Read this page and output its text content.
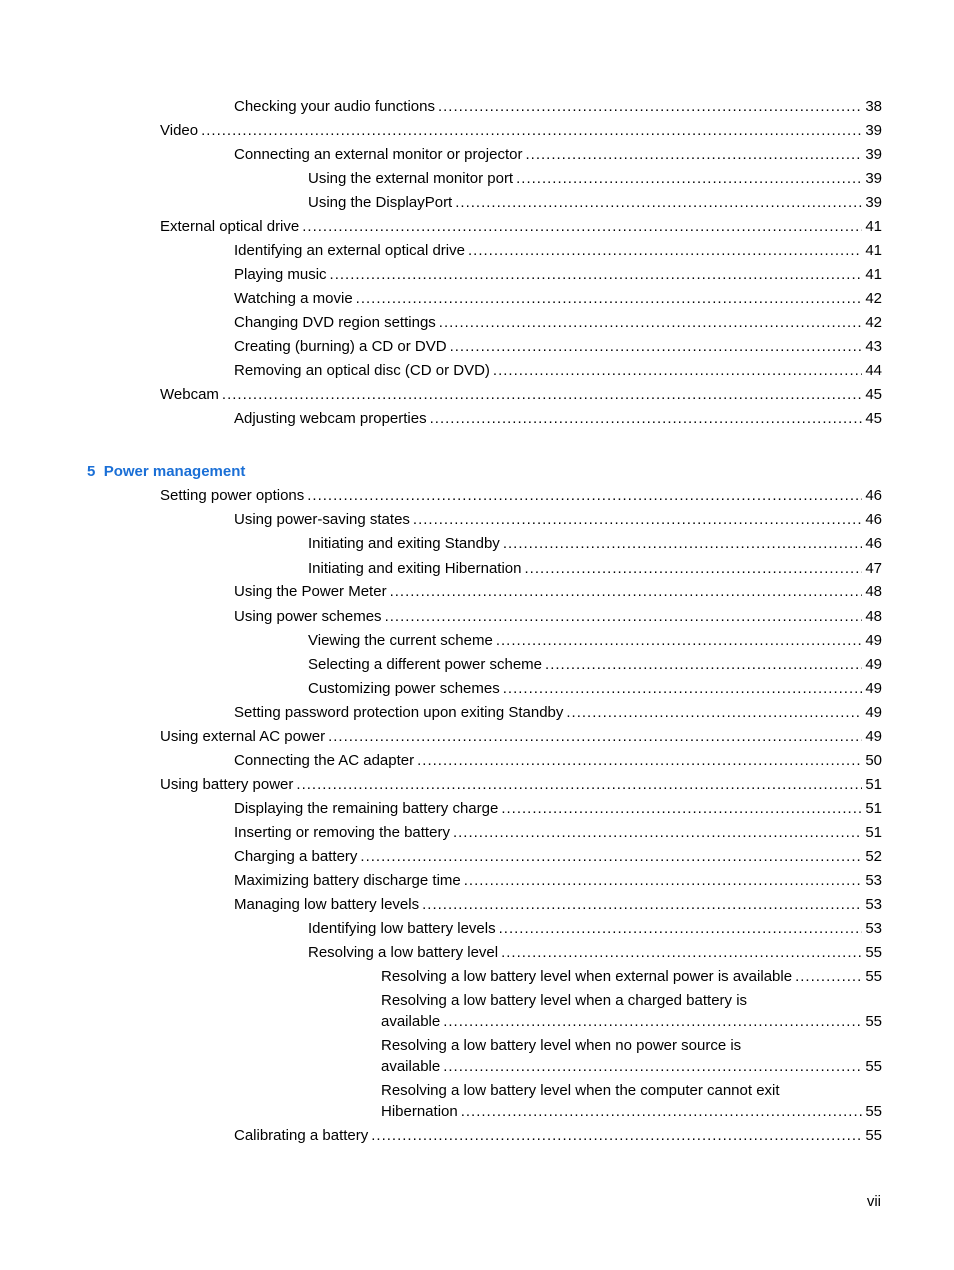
Checking your audio functions .....	38
Video .....	39
Connecting an external monitor or projector .....	39
Using the external monitor port .....	39
Using the DisplayPort .....	39
External optical drive .....	41
Identifying an external optical drive .....	41
Playing music .....	41
Watching a movie .....	42
Changing DVD region settings .....	42
Creating (burning) a CD or DVD .....	43
Removing an optical disc (CD or DVD) .....	44
Webcam .....	45
Adjusting webcam properties .....	45
5 Power management
Setting power options .....	46
Using power-saving states .....	46
Initiating and exiting Standby .....	46
Initiating and exiting Hibernation .....	47
Using the Power Meter .....	48
Using power schemes .....	48
Viewing the current scheme .....	49
Selecting a different power scheme .....	49
Customizing power schemes .....	49
Setting password protection upon exiting Standby .....	49
Using external AC power .....	49
Connecting the AC adapter .....	50
Using battery power .....	51
Displaying the remaining battery charge .....	51
Inserting or removing the battery .....	51
Charging a battery .....	52
Maximizing battery discharge time .....	53
Managing low battery levels .....	53
Identifying low battery levels .....	53
Resolving a low battery level .....	55
Resolving a low battery level when external power is available .....	55
Resolving a low battery level when a charged battery is
available .....	55
Resolving a low battery level when no power source is
available .....	55
Resolving a low battery level when the computer cannot exit
Hibernation .....	55
Calibrating a battery .....	55
vii
